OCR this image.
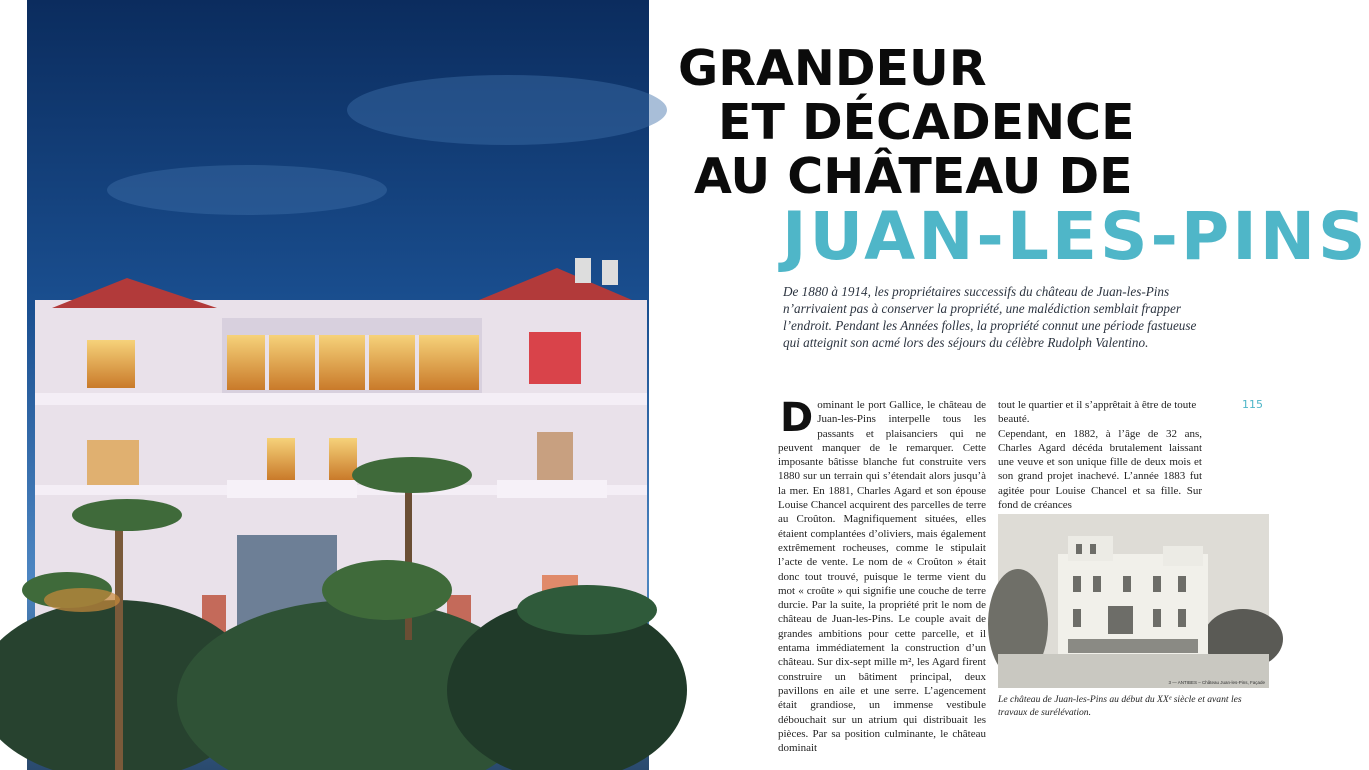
GRANDEUR
ET DÉCADENCE
AU CHÂTEAU DE
JUAN-LES-PINS
De 1880 à 1914, les propriétaires successifs du château de Juan-les-Pins n’arrivaient pas à conserver la propriété, une malédiction semblait frapper l’endroit. Pendant les Années folles, la propriété connut une période fastueuse qui atteignit son acmé lors des séjours du célèbre Rudolph Valentino.
Dominant le port Gallice, le château de Juan-les-Pins interpelle tous les passants et plaisanciers qui ne peuvent manquer de le remarquer. Cette imposante bâtisse blanche fut construite vers 1880 sur un terrain qui s’étendait alors jusqu’à la mer. En 1881, Charles Agard et son épouse Louise Chancel acquirent des parcelles de terre au Croûton. Magnifiquement situées, elles étaient complantées d’oliviers, mais également extrêmement rocheuses, comme le stipulait l’acte de vente. Le nom de « Croûton » était donc tout trouvé, puisque le terme vient du mot « croûte » qui signifie une couche de terre durcie. Par la suite, la propriété prit le nom de château de Juan-les-Pins. Le couple avait de grandes ambitions pour cette parcelle, et il entama immédiatement la construction d’un château. Sur dix-sept mille m², les Agard firent construire un bâtiment principal, deux pavillons en aile et une serre. L’agencement était grandiose, un immense vestibule débouchait sur un atrium qui distribuait les pièces. Par sa position culminante, le château dominait
tout le quartier et il s’apprêtait à être de toute beauté.
Cependant, en 1882, à l’âge de 32 ans, Charles Agard décéda brutalement laissant une veuve et son unique fille de deux mois et son grand projet inachevé. L’année 1883 fut agitée pour Louise Chancel et sa fille. Sur fond de créances
115
3 — ANTIBES – Château Juan-les-Pins, Façade
Le château de Juan-les-Pins au début du XXᵉ siècle et avant les travaux de surélévation.
